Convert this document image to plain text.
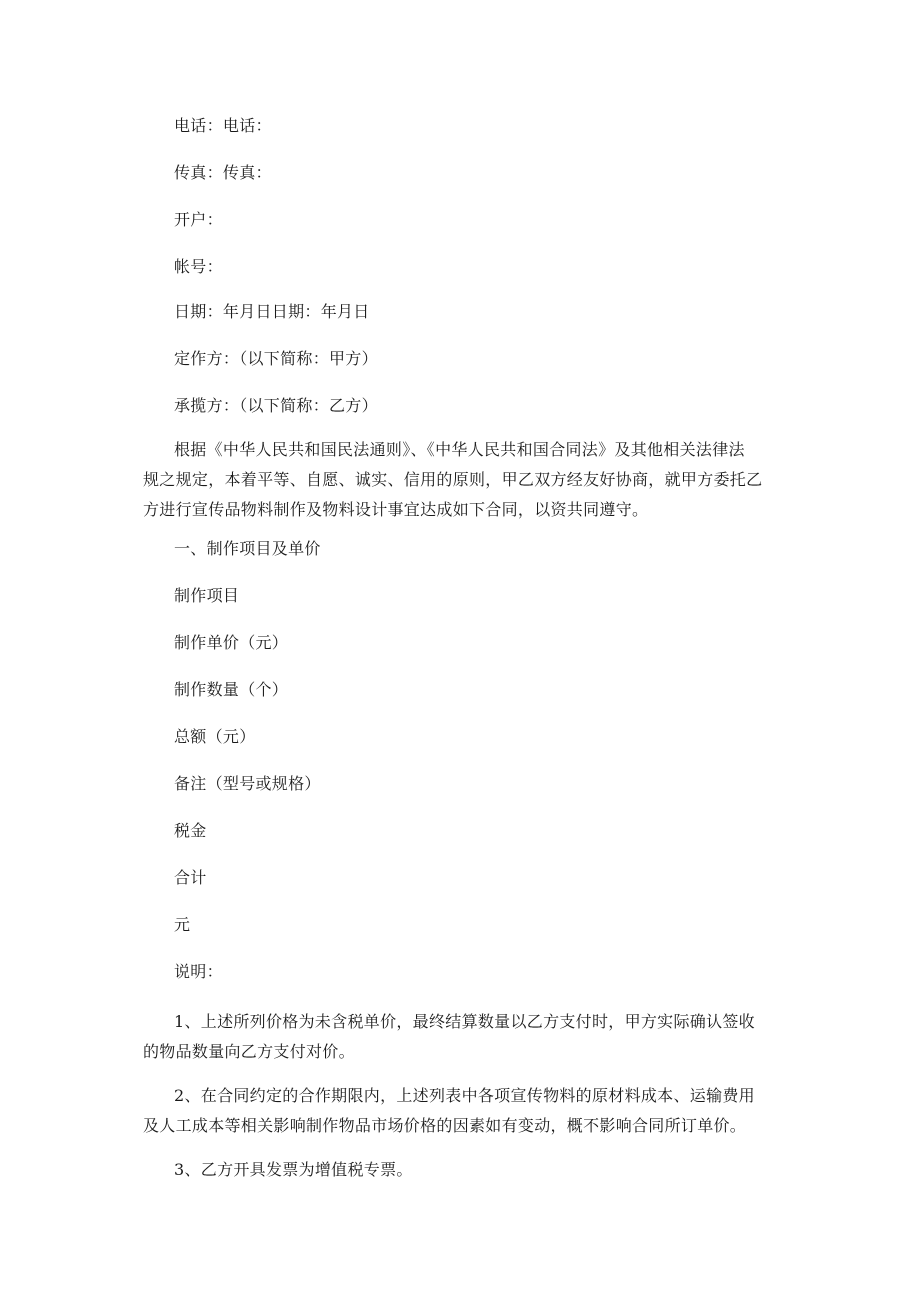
电话：电话：
传真：传真：
开户：
帐号：
日期：年月日日期：年月日
定作方：（以下简称：甲方）
承揽方：（以下简称：乙方）
根据《中华人民共和国民法通则》、《中华人民共和国合同法》及其他相关法律法
规之规定，本着平等、自愿、诚实、信用的原则，甲乙双方经友好协商，就甲方委托乙
方进行宣传品物料制作及物料设计事宜达成如下合同，以资共同遵守。
一、制作项目及单价
制作项目
制作单价（元）
制作数量（个）
总额（元）
备注（型号或规格）
税金
合计
元
说明：
1、上述所列价格为未含税单价，最终结算数量以乙方支付时，甲方实际确认签收
的物品数量向乙方支付对价。
2、在合同约定的合作期限内，上述列表中各项宣传物料的原材料成本、运输费用
及人工成本等相关影响制作物品市场价格的因素如有变动，概不影响合同所订单价。
3、乙方开具发票为增值税专票。
